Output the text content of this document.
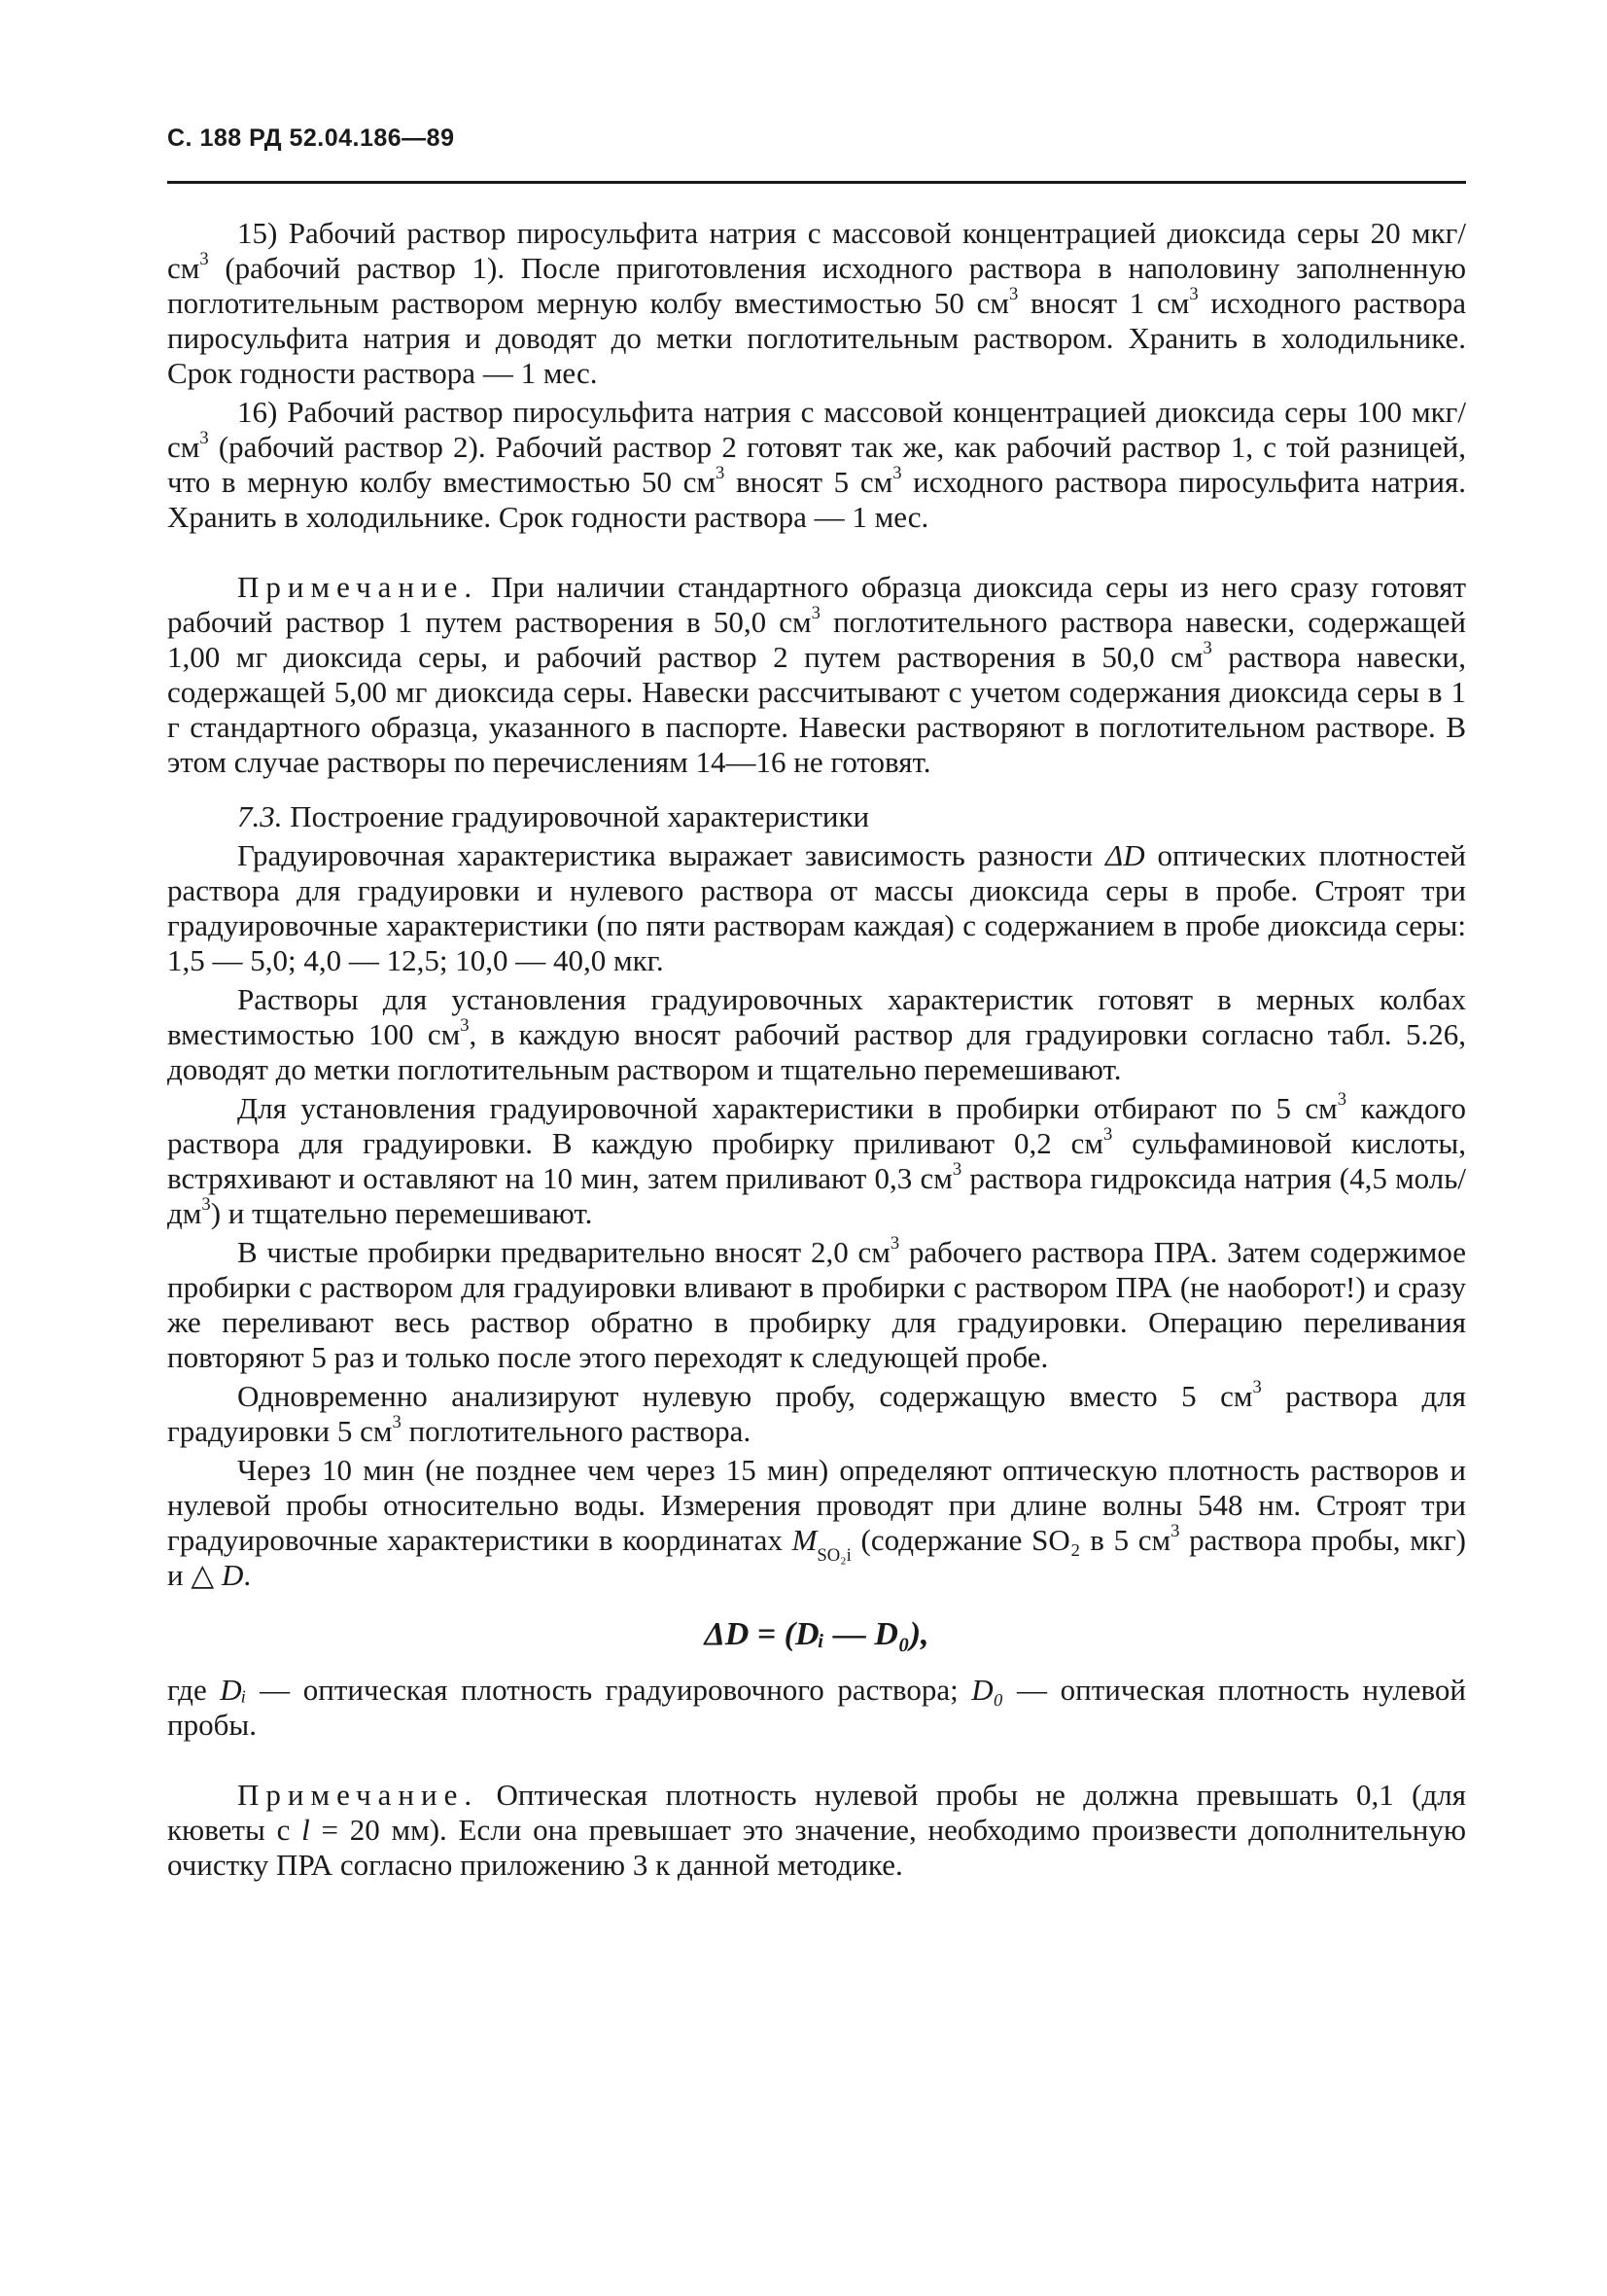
С. 188 РД 52.04.186—89

15) Рабочий раствор пиросульфита натрия с массовой концентрацией диоксида серы 20 мкг/$см^3$ (рабочий раствор 1). После приготовления исходного раствора в наполовину заполненную поглотительным раствором мерную колбу вместимостью 50 $см^3$ вносят 1 $см^3$ исходного раствора пиросульфита натрия и доводят до метки поглотительным раствором. Хранить в холодильнике. Срок годности раствора — 1 мес.

16) Рабочий раствор пиросульфита натрия с массовой концентрацией диоксида серы 100 мкг/$см^3$ (рабочий раствор 2). Рабочий раствор 2 готовят так же, как рабочий раствор 1, с той разницей, что в мерную колбу вместимостью 50 $см^3$ вносят 5 $см^3$ исходного раствора пиросульфита натрия. Хранить в холодильнике. Срок годности раствора — 1 мес.

Примечание. При наличии стандартного образца диоксида серы из него сразу готовят рабочий раствор 1 путем растворения в 50,0 $см^3$ поглотительного раствора навески, содержащей 1,00 мг диоксида серы, и рабочий раствор 2 путем растворения в 50,0 $см^3$ раствора навески, содержащей 5,00 мг диоксида серы. Навески рассчитывают с учетом содержания диоксида серы в 1 г стандартного образца, указанного в паспорте. Навески растворяют в поглотительном растворе. В этом случае растворы по перечислениям 14—16 не готовят.

7.3. Построение градуировочной характеристики

Градуировочная характеристика выражает зависимость разности ΔD оптических плотностей раствора для градуировки и нулевого раствора от массы диоксида серы в пробе. Строят три градуировочные характеристики (по пяти растворам каждая) с содержанием в пробе диоксида серы: 1,5 — 5,0; 4,0 — 12,5; 10,0 — 40,0 мкг.

Растворы для установления градуировочных характеристик готовят в мерных колбах вместимостью 100 $см^3$, в каждую вносят рабочий раствор для градуировки согласно табл. 5.26, доводят до метки поглотительным раствором и тщательно перемешивают.

Для установления градуировочной характеристики в пробирки отбирают по 5 $см^3$ каждого раствора для градуировки. В каждую пробирку приливают 0,2 $см^3$ сульфаминовой кислоты, встряхивают и оставляют на 10 мин, затем приливают 0,3 $см^3$ раствора гидроксида натрия (4,5 моль/$дм^3$) и тщательно перемешивают.

В чистые пробирки предварительно вносят 2,0 $см^3$ рабочего раствора ПРА. Затем содержимое пробирки с раствором для градуировки вливают в пробирки с раствором ПРА (не наоборот!) и сразу же переливают весь раствор обратно в пробирку для градуировки. Операцию переливания повторяют 5 раз и только после этого переходят к следующей пробе.

Одновременно анализируют нулевую пробу, содержащую вместо 5 $см^3$ раствора для градуировки 5 $см^3$ поглотительного раствора.

Через 10 мин (не позднее чем через 15 мин) определяют оптическую плотность растворов и нулевой пробы относительно воды. Измерения проводят при длине волны 548 нм. Строят три градуировочные характеристики в координатах $M_{SO_2i}$ (содержание SO₂ в 5 $см^3$ раствора пробы, мкг) и △ D.

ΔD = (Dᵢ — D₀),

где Dᵢ — оптическая плотность градуировочного раствора; D₀ — оптическая плотность нулевой пробы.

Примечание. Оптическая плотность нулевой пробы не должна превышать 0,1 (для кюветы с l = 20 мм). Если она превышает это значение, необходимо произвести дополнительную очистку ПРА согласно приложению 3 к данной методике.
